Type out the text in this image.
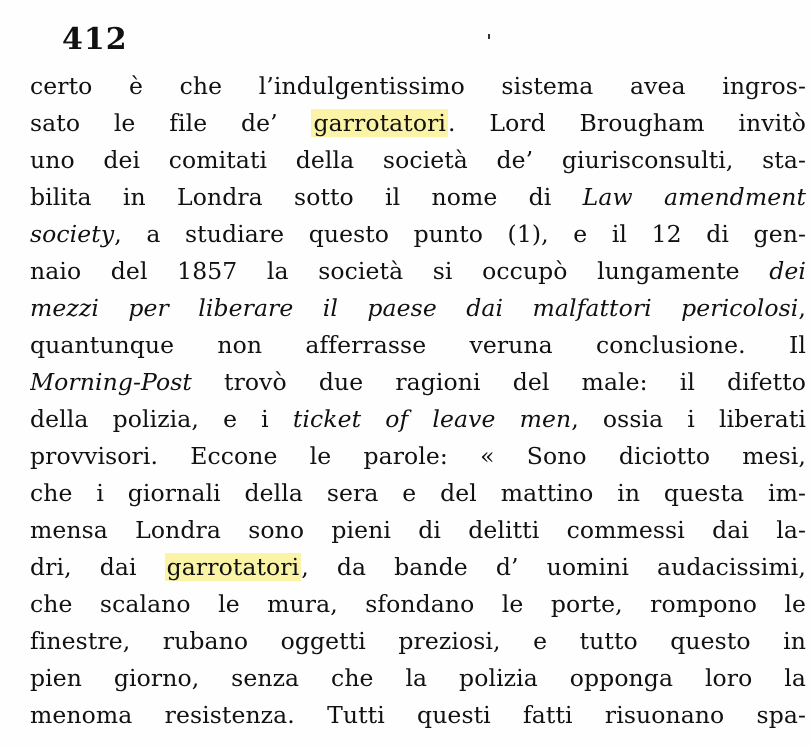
412
certo è che l’indulgentissimo sistema avea ingros-
sato le file de’ garrotatori. Lord Brougham invitò
uno dei comitati della società de’ giurisconsulti, sta-
bilita in Londra sotto il nome di Law amendment
society, a studiare questo punto (1), e il 12 di gen-
naio del 1857 la società si occupò lungamente dei
mezzi per liberare il paese dai malfattori pericolosi,
quantunque non afferrasse veruna conclusione. Il
Morning-Post trovò due ragioni del male: il difetto
della polizia, e i ticket of leave men, ossia i liberati
provvisori. Eccone le parole: « Sono diciotto mesi,
che i giornali della sera e del mattino in questa im-
mensa Londra sono pieni di delitti commessi dai la-
dri, dai garrotatori, da bande d’ uomini audacissimi,
che scalano le mura, sfondano le porte, rompono le
finestre, rubano oggetti preziosi, e tutto questo in
pien giorno, senza che la polizia opponga loro la
menoma resistenza. Tutti questi fatti risuonano spa-
